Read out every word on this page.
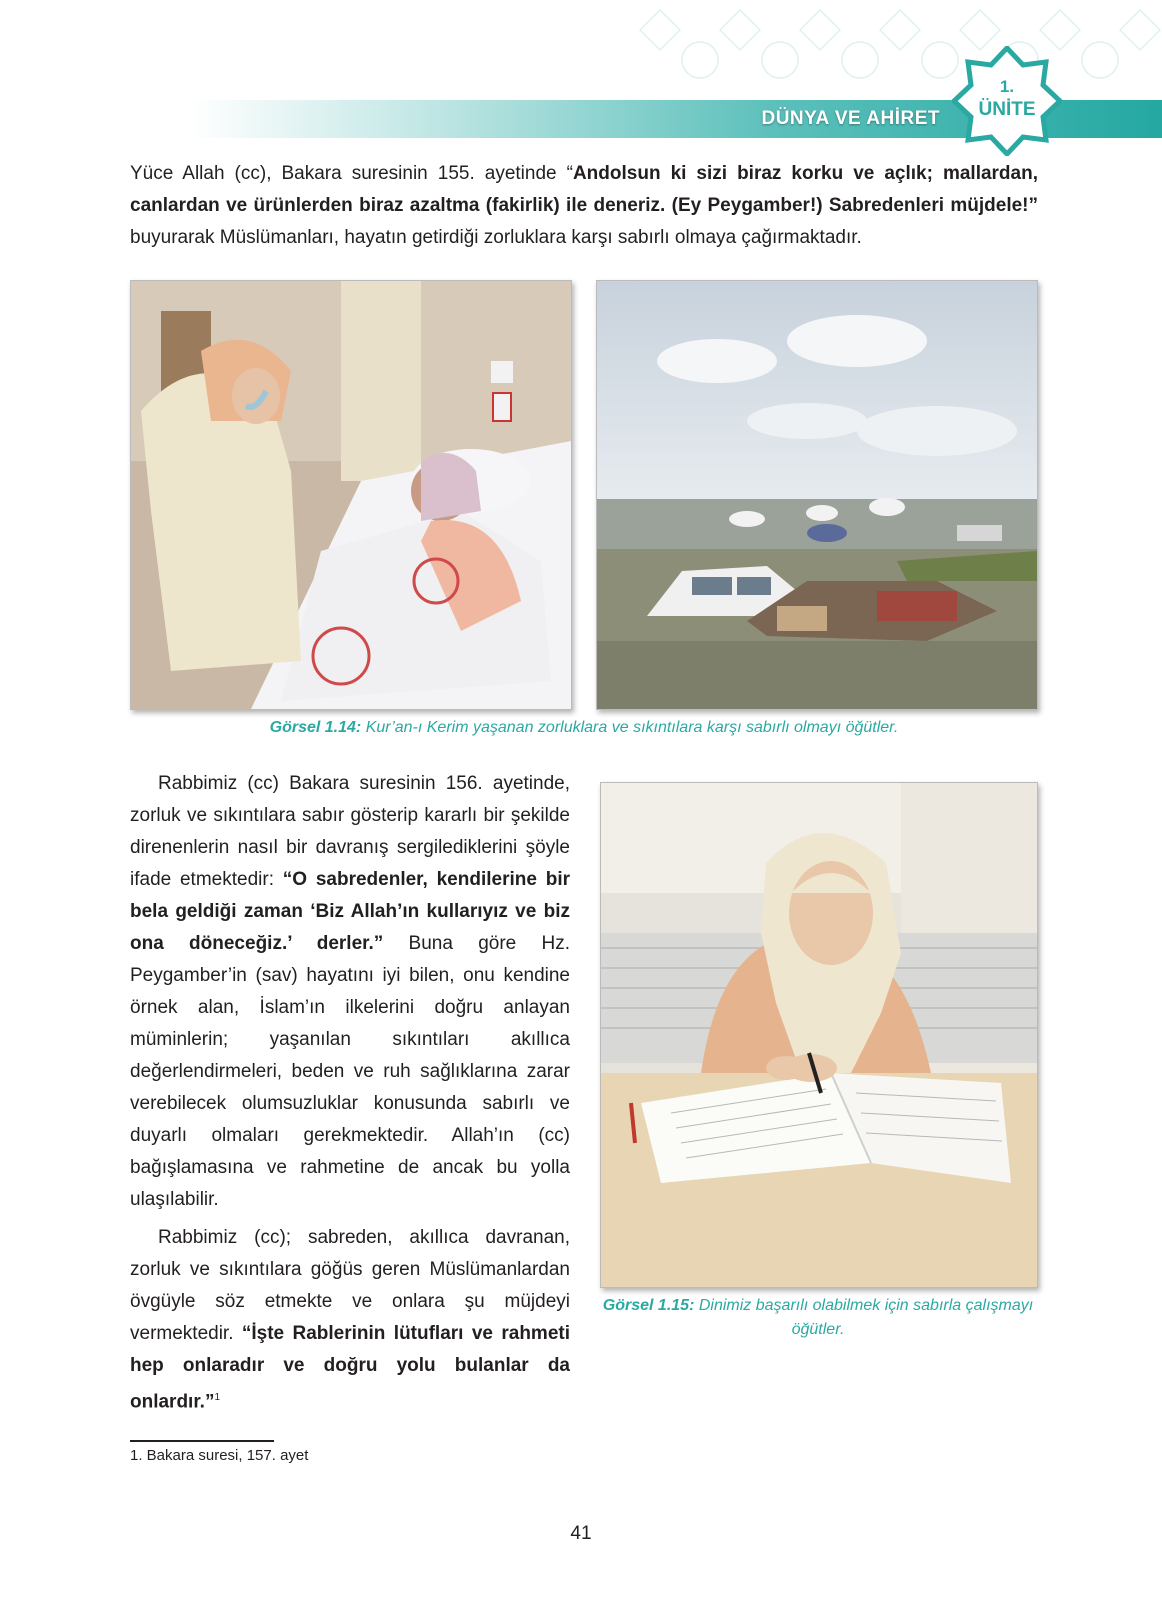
DÜNYA VE AHİRET
1.
ÜNİTE
Yüce Allah (cc), Bakara suresinin 155. ayetinde “Andolsun ki sizi biraz korku ve açlık; mallardan, canlardan ve ürünlerden biraz azaltma (fakirlik) ile deneriz. (Ey Peygamber!) Sabredenleri müjdele!” buyurarak Müslümanları, hayatın getirdiği zorluklara karşı sabırlı olmaya çağırmaktadır.
Görsel 1.14: Kur’an-ı Kerim yaşanan zorluklara ve sıkıntılara karşı sabırlı olmayı öğütler.

Rabbimiz (cc) Bakara suresinin 156. ayetinde, zorluk ve sıkıntılara sabır gösterip kararlı bir şekilde direnenlerin nasıl bir davranış sergilediklerini şöyle ifade etmektedir: “O sabredenler, kendilerine bir bela geldiği zaman ‘Biz Allah’ın kullarıyız ve biz ona döneceğiz.’ derler.” Buna göre Hz. Peygamber’in (sav) hayatını iyi bilen, onu kendine örnek alan, İslam’ın ilkelerini doğru anlayan müminlerin; yaşanılan sıkıntıları akıllıca değerlendirmeleri, beden ve ruh sağlıklarına zarar verebilecek olumsuzluklar konusunda sabırlı ve duyarlı olmaları gerekmektedir. Allah’ın (cc) bağışlamasına ve rahmetine de ancak bu yolla ulaşılabilir.

Rabbimiz (cc); sabreden, akıllıca davranan, zorluk ve sıkıntılara göğüs geren Müslümanlardan övgüyle söz etmekte ve onlara şu müjdeyi vermektedir. “İşte Rablerinin lütufları ve rahmeti hep onlaradır ve doğru yolu bulanlar da onlardır.”$^1$

Görsel 1.15: Dinimiz başarılı olabilmek için sabırla çalışmayı öğütler.
1. Bakara suresi, 157. ayet
41
